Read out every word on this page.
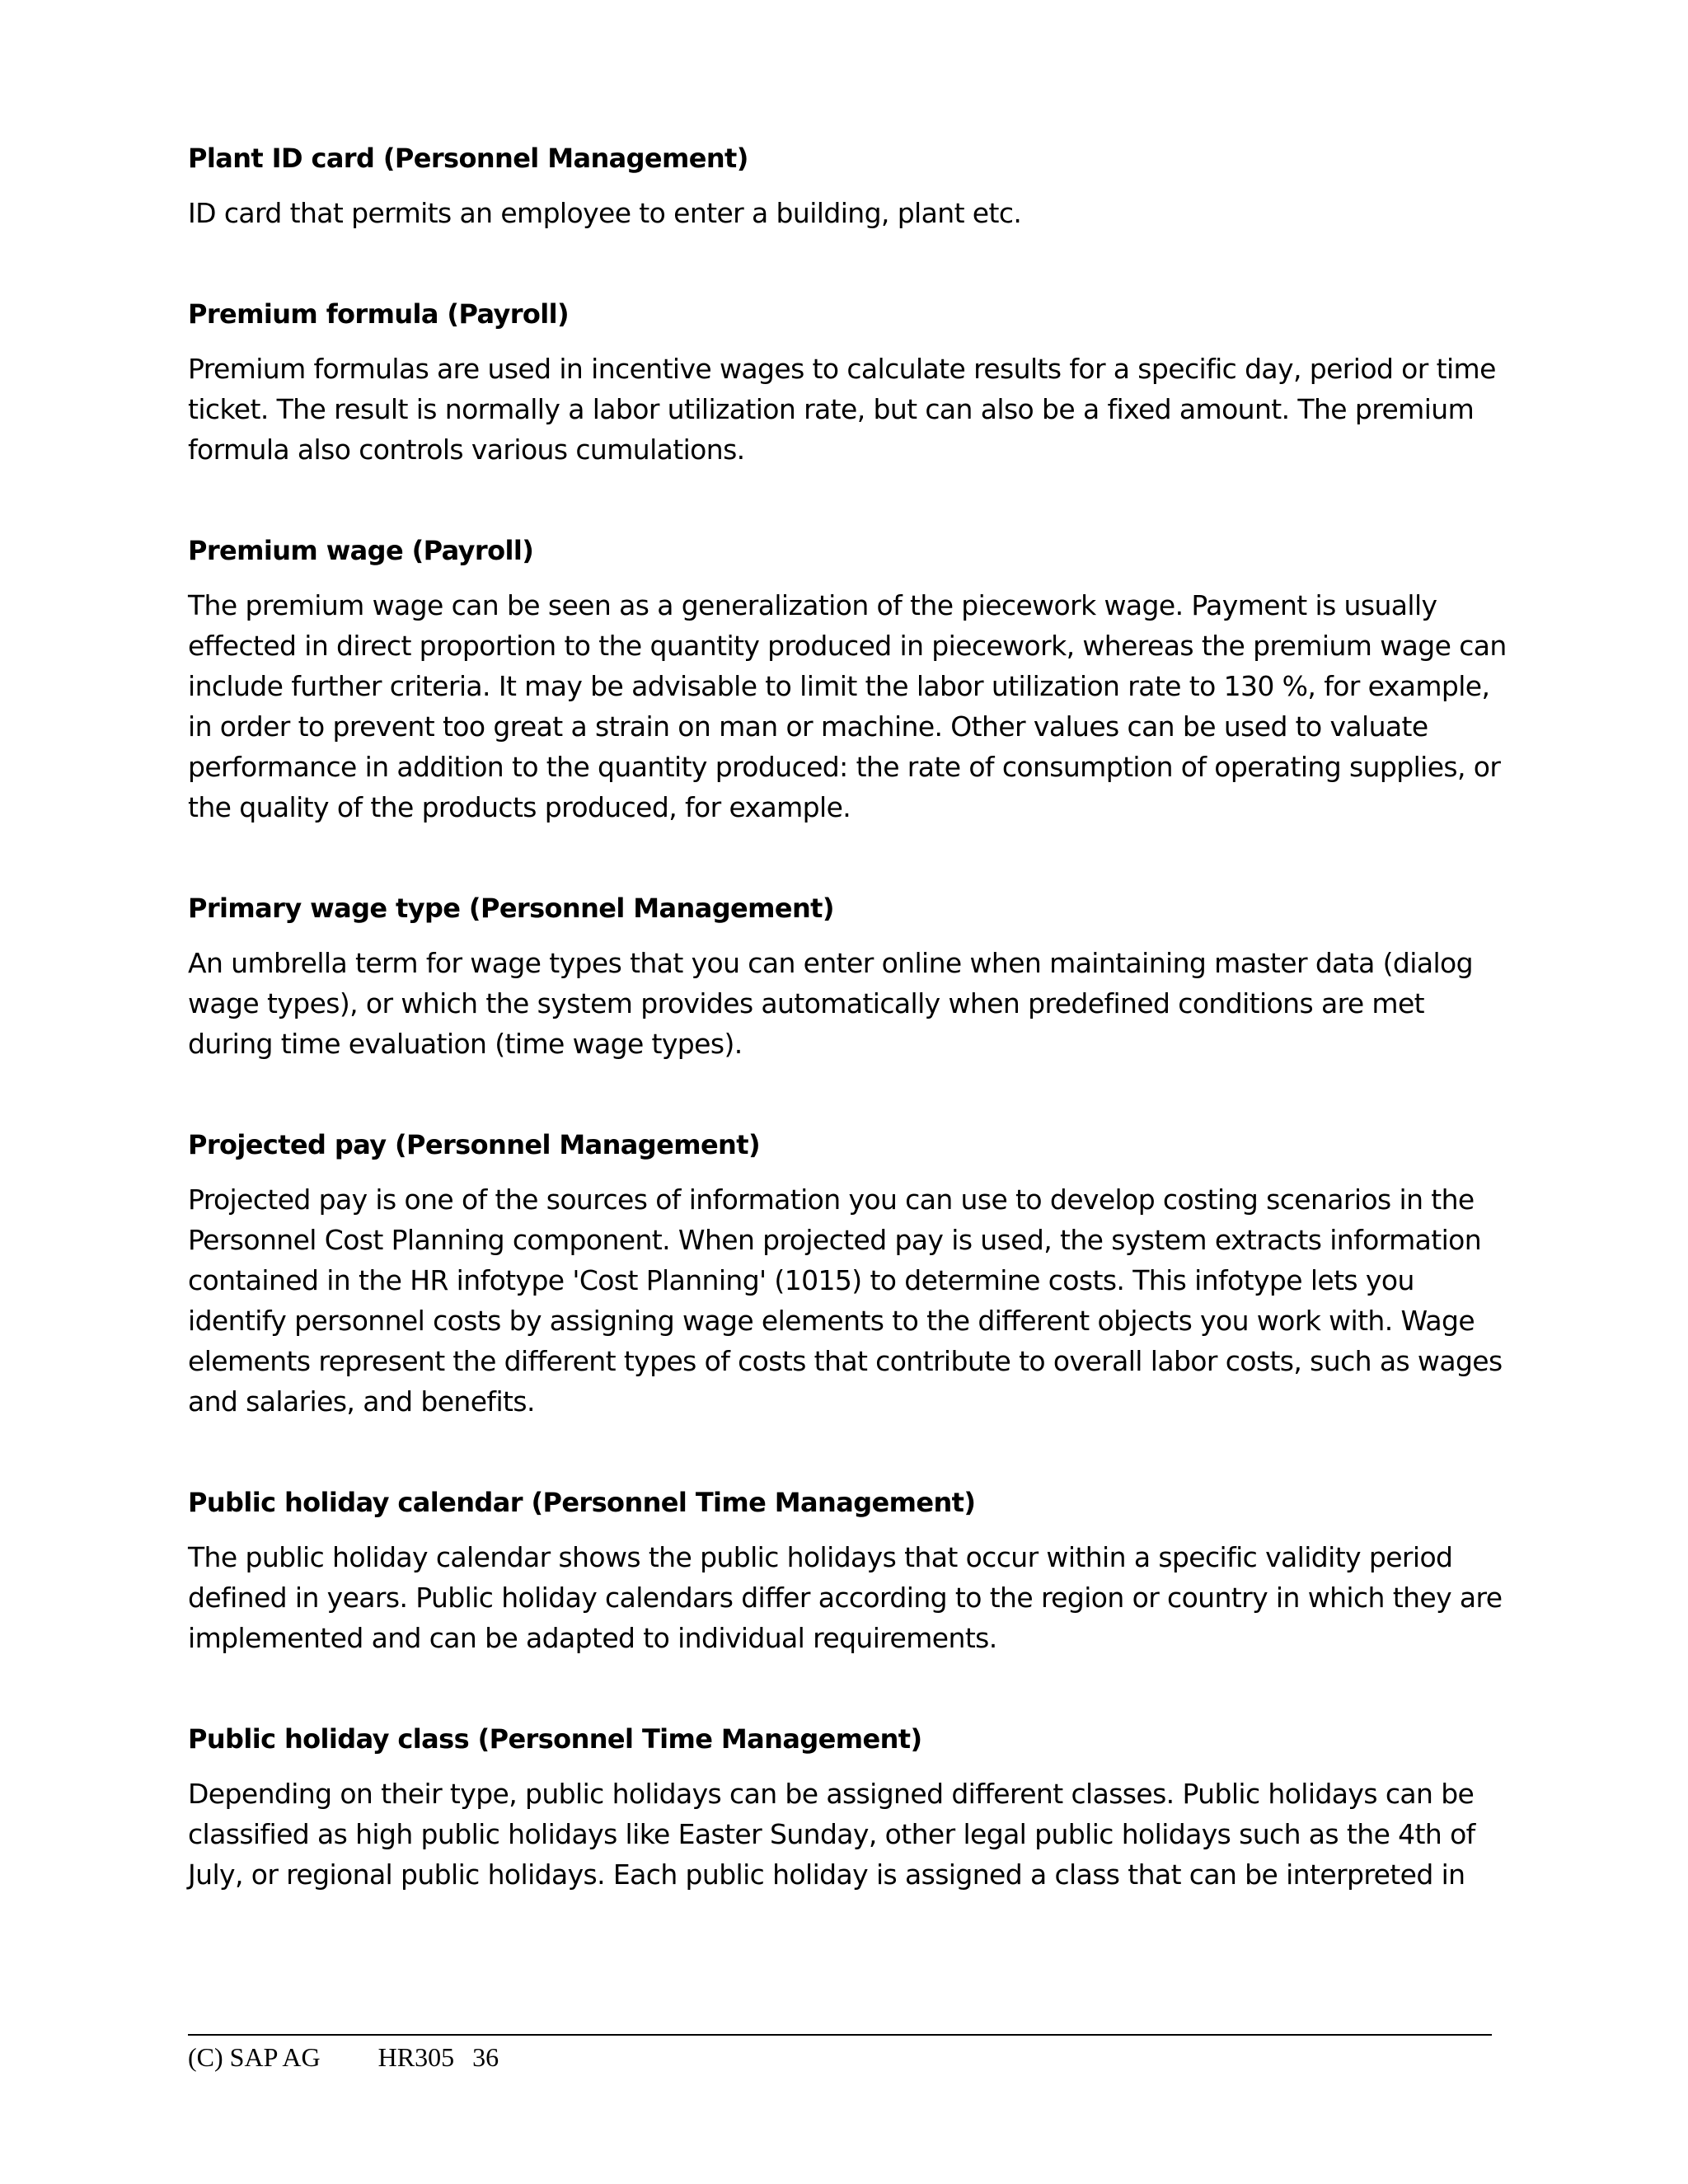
Plant ID card (Personnel Management)

ID card that permits an employee to enter a building, plant etc.

Premium formula (Payroll)

Premium formulas are used in incentive wages to calculate results for a specific day, period or time ticket. The result is normally a labor utilization rate, but can also be a fixed amount. The premium formula also controls various cumulations.

Premium wage (Payroll)

The premium wage can be seen as a generalization of the piecework wage. Payment is usually effected in direct proportion to the quantity produced in piecework, whereas the premium wage can include further criteria. It may be advisable to limit the labor utilization rate to 130 %, for example, in order to prevent too great a strain on man or machine. Other values can be used to valuate performance in addition to the quantity produced: the rate of consumption of operating supplies, or the quality of the products produced, for example.

Primary wage type (Personnel Management)

An umbrella term for wage types that you can enter online when maintaining master data (dialog wage types), or which the system provides automatically when predefined conditions are met during time evaluation (time wage types).

Projected pay (Personnel Management)

Projected pay is one of the sources of information you can use to develop costing scenarios in the Personnel Cost Planning component. When projected pay is used, the system extracts information contained in the HR infotype 'Cost Planning' (1015) to determine costs. This infotype lets you identify personnel costs by assigning wage elements to the different objects you work with. Wage elements represent the different types of costs that contribute to overall labor costs, such as wages and salaries, and benefits.

Public holiday calendar (Personnel Time Management)

The public holiday calendar shows the public holidays that occur within a specific validity period defined in years. Public holiday calendars differ according to the region or country in which they are implemented and can be adapted to individual requirements.

Public holiday class (Personnel Time Management)

Depending on their type, public holidays can be assigned different classes. Public holidays can be classified as high public holidays like Easter Sunday, other legal public holidays such as the 4th of July, or regional public holidays. Each public holiday is assigned a class that can be interpreted in

(C) SAP AG HR305 36
